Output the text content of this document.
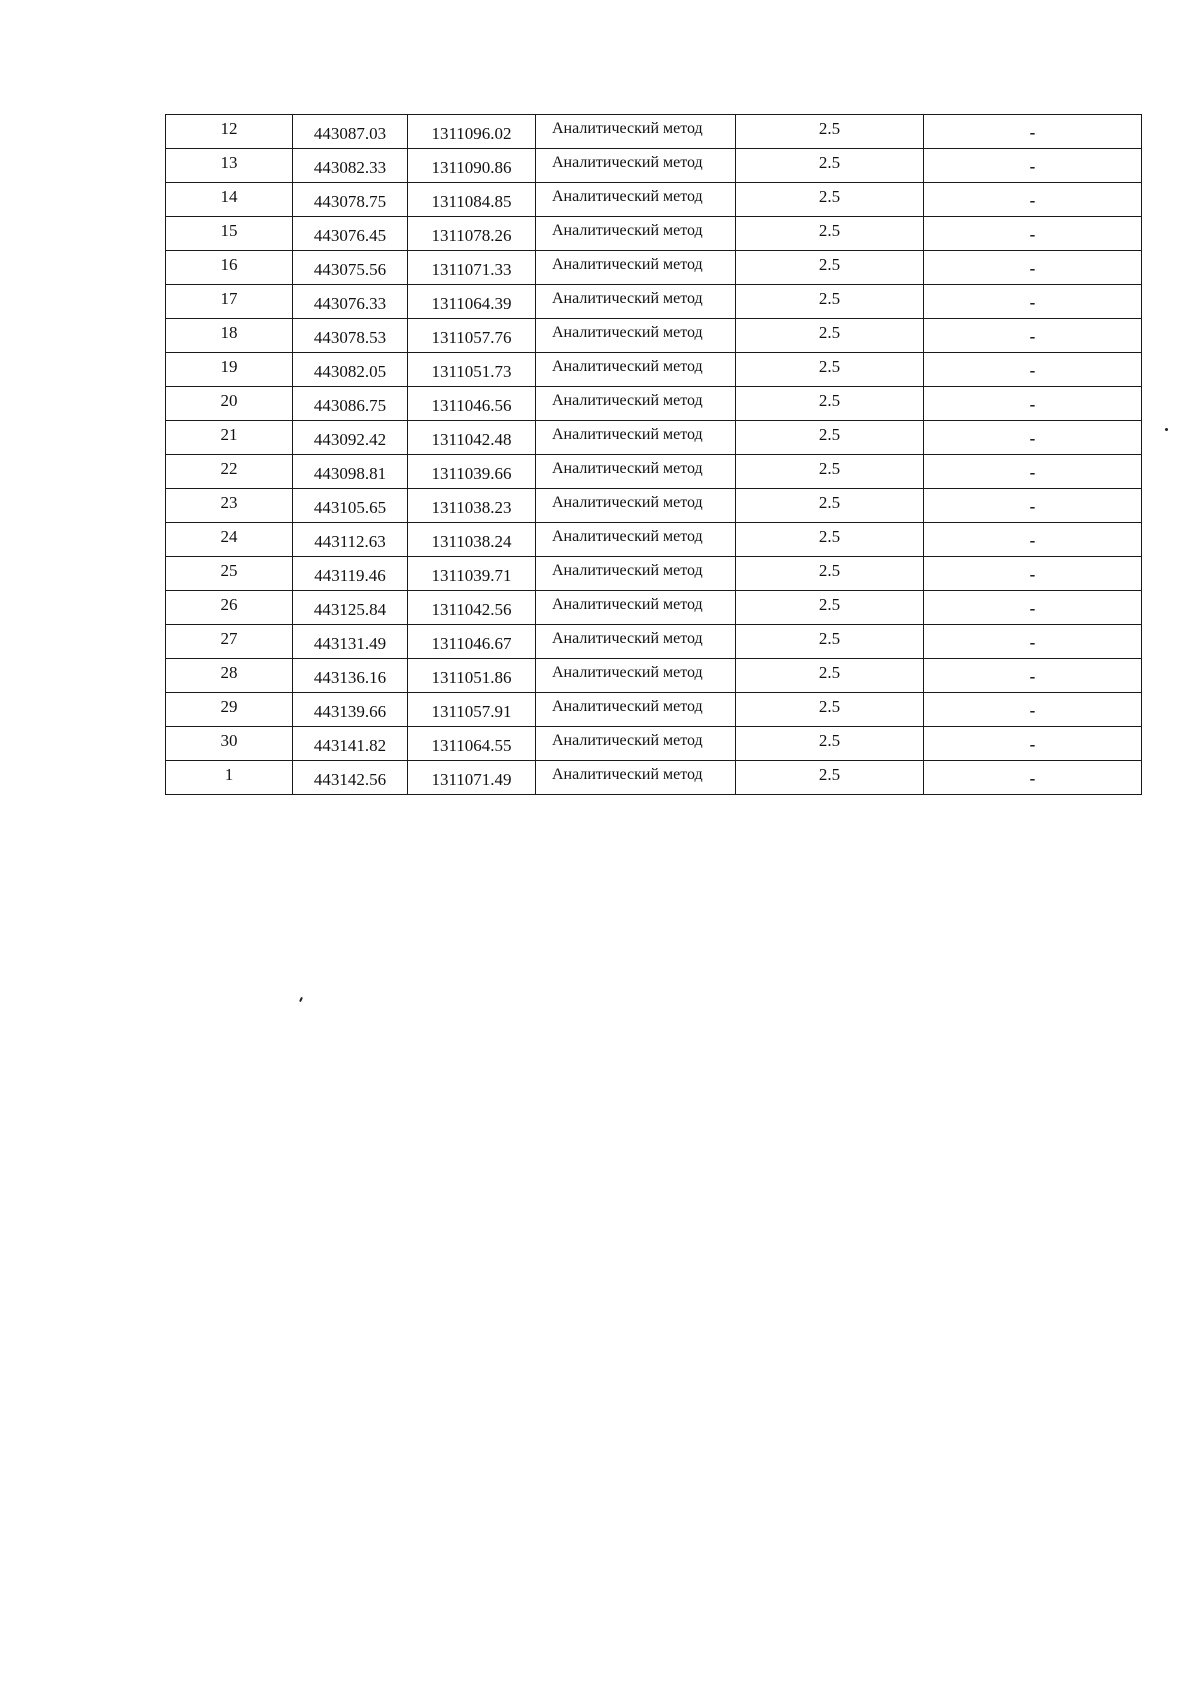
12	443087.03	1311096.02	Аналитический метод	2.5	-
13	443082.33	1311090.86	Аналитический метод	2.5	-
14	443078.75	1311084.85	Аналитический метод	2.5	-
15	443076.45	1311078.26	Аналитический метод	2.5	-
16	443075.56	1311071.33	Аналитический метод	2.5	-
17	443076.33	1311064.39	Аналитический метод	2.5	-
18	443078.53	1311057.76	Аналитический метод	2.5	-
19	443082.05	1311051.73	Аналитический метод	2.5	-
20	443086.75	1311046.56	Аналитический метод	2.5	-
21	443092.42	1311042.48	Аналитический метод	2.5	-
22	443098.81	1311039.66	Аналитический метод	2.5	-
23	443105.65	1311038.23	Аналитический метод	2.5	-
24	443112.63	1311038.24	Аналитический метод	2.5	-
25	443119.46	1311039.71	Аналитический метод	2.5	-
26	443125.84	1311042.56	Аналитический метод	2.5	-
27	443131.49	1311046.67	Аналитический метод	2.5	-
28	443136.16	1311051.86	Аналитический метод	2.5	-
29	443139.66	1311057.91	Аналитический метод	2.5	-
30	443141.82	1311064.55	Аналитический метод	2.5	-
1	443142.56	1311071.49	Аналитический метод	2.5	-
